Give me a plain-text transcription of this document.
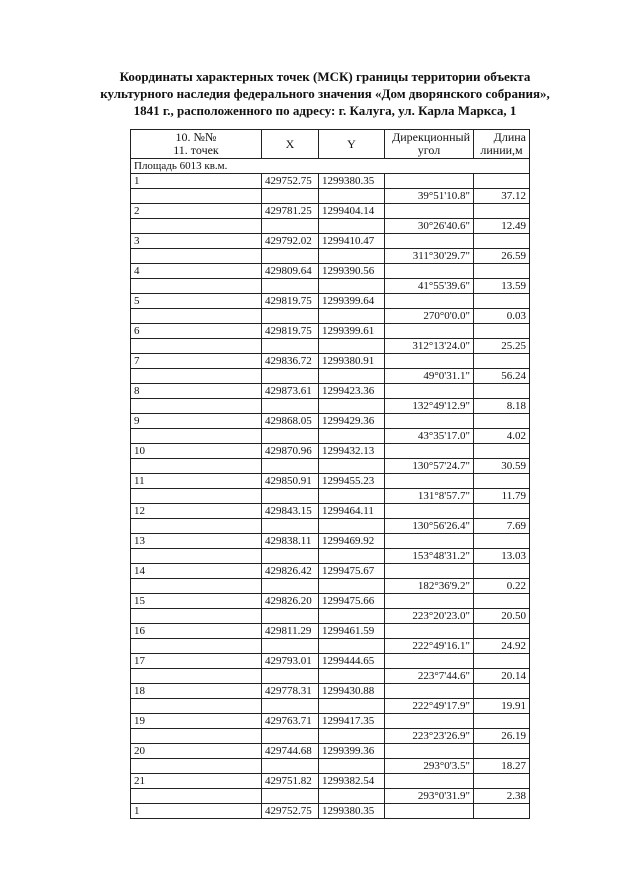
Координаты характерных точек (МСК) границы территории объекта
культурного наследия федерального значения «Дом дворянского собрания»,
1841 г., расположенного по адресу: г. Калуга, ул. Карла Маркса, 1
10. №№
11. точек	X	Y	Дирекционный
угол	Длина
линии,м

Площадь 6013 кв.м.				
1	429752.75	1299380.35		
			39°51'10.8"	37.12
2	429781.25	1299404.14		
			30°26'40.6"	12.49
3	429792.02	1299410.47		
			311°30'29.7"	26.59
4	429809.64	1299390.56		
			41°55'39.6"	13.59
5	429819.75	1299399.64		
			270°0'0.0"	0.03
6	429819.75	1299399.61		
			312°13'24.0"	25.25
7	429836.72	1299380.91		
			49°0'31.1"	56.24
8	429873.61	1299423.36		
			132°49'12.9"	8.18
9	429868.05	1299429.36		
			43°35'17.0"	4.02
10	429870.96	1299432.13		
			130°57'24.7"	30.59
11	429850.91	1299455.23		
			131°8'57.7"	11.79
12	429843.15	1299464.11		
			130°56'26.4"	7.69
13	429838.11	1299469.92		
			153°48'31.2"	13.03
14	429826.42	1299475.67		
			182°36'9.2"	0.22
15	429826.20	1299475.66		
			223°20'23.0"	20.50
16	429811.29	1299461.59		
			222°49'16.1"	24.92
17	429793.01	1299444.65		
			223°7'44.6"	20.14
18	429778.31	1299430.88		
			222°49'17.9"	19.91
19	429763.71	1299417.35		
			223°23'26.9"	26.19
20	429744.68	1299399.36		
			293°0'3.5"	18.27
21	429751.82	1299382.54		
			293°0'31.9"	2.38
1	429752.75	1299380.35		
